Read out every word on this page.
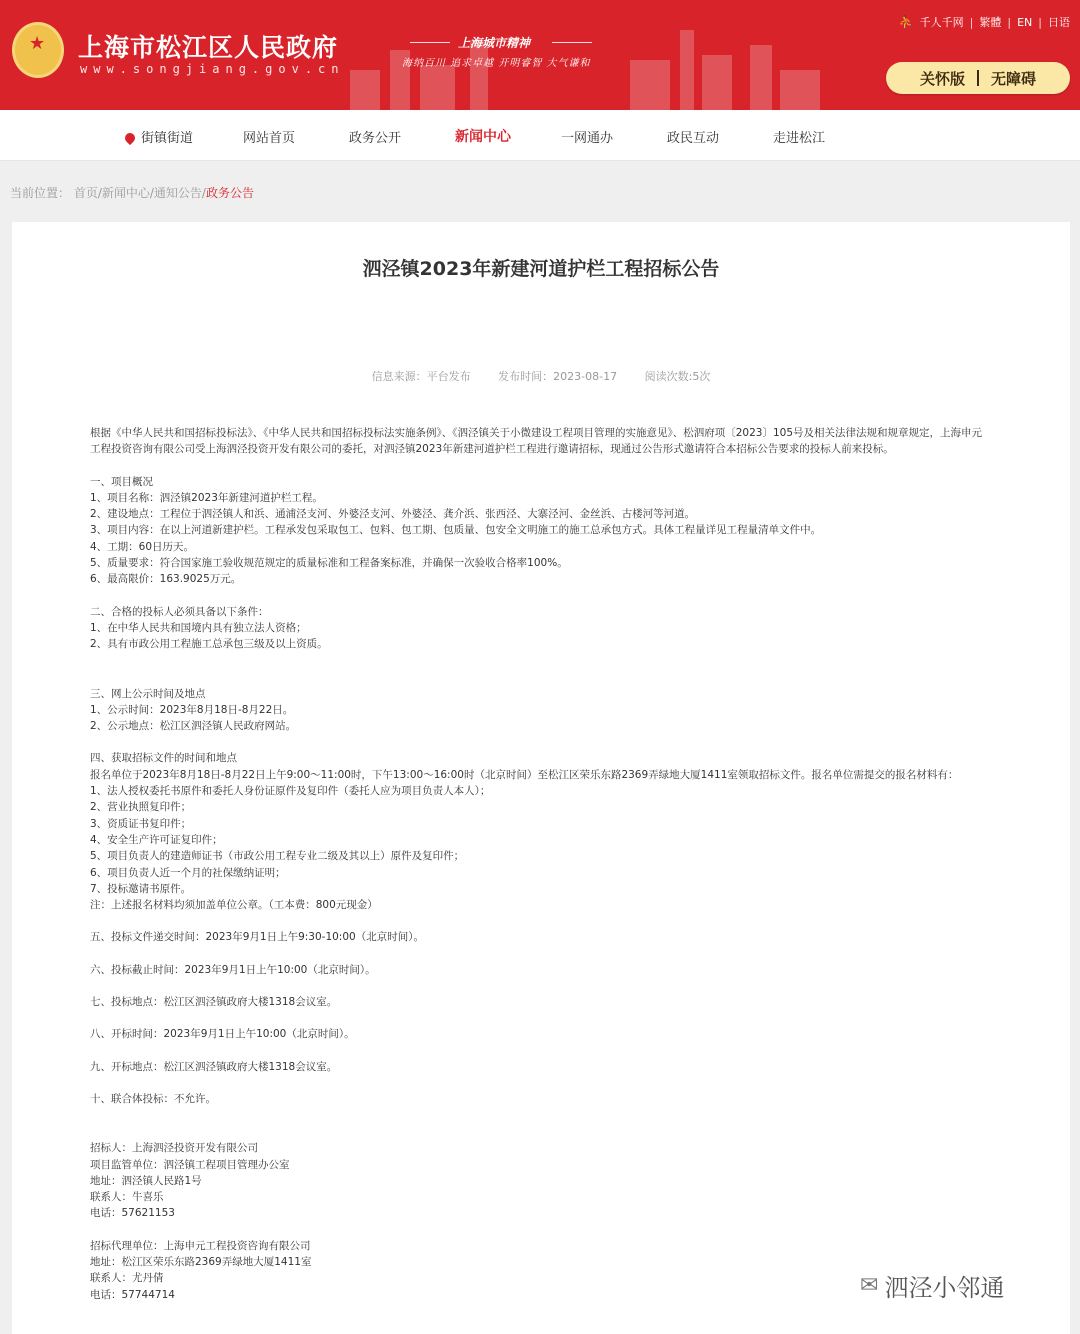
★ 上海市松江区人民政府
www.songjiang.gov.cn
上海城市精神
海纳百川 追求卓越 开明睿智 大气谦和
⛹ 千人千网 | 繁體 | EN | 日语
关怀版 无障碍
街镇街道	网站首页	政务公开	新闻中心	一网通办	政民互动	走进松江
当前位置： 首页/新闻中心/通知公告/政务公告
泗泾镇2023年新建河道护栏工程招标公告
信息来源：平台发布	发布时间：2023-08-17	阅读次数:5次

根据《中华人民共和国招标投标法》、《中华人民共和国招标投标法实施条例》、《泗泾镇关于小微建设工程项目管理的实施意见》、松泗府项〔2023〕105号及相关法律法规和规章规定，上海申元工程投资咨询有限公司受上海泗泾投资开发有限公司的委托，对泗泾镇2023年新建河道护栏工程进行邀请招标，现通过公告形式邀请符合本招标公告要求的投标人前来投标。

一、项目概况

1、项目名称：泗泾镇2023年新建河道护栏工程。

2、建设地点：工程位于泗泾镇人和浜、通浦泾支河、外婆泾支河、外婆泾、龚介浜、张西泾、大寨泾河、金丝浜、古楼河等河道。

3、项目内容：在以上河道新建护栏。工程承发包采取包工、包料、包工期、包质量、包安全文明施工的施工总承包方式。具体工程量详见工程量清单文件中。

4、工期：60日历天。

5、质量要求：符合国家施工验收规范规定的质量标准和工程备案标准，并确保一次验收合格率100%。

6、最高限价：163.9025万元。

二、合格的投标人必须具备以下条件：

1、在中华人民共和国境内具有独立法人资格；

2、具有市政公用工程施工总承包三级及以上资质。

三、网上公示时间及地点

1、公示时间：2023年8月18日-8月22日。

2、公示地点：松江区泗泾镇人民政府网站。

四、获取招标文件的时间和地点

报名单位于2023年8月18日-8月22日上午9:00～11:00时，下午13:00～16:00时（北京时间）至松江区荣乐东路2369弄绿地大厦1411室领取招标文件。报名单位需提交的报名材料有：

1、法人授权委托书原件和委托人身份证原件及复印件（委托人应为项目负责人本人）；

2、营业执照复印件；

3、资质证书复印件；

4、安全生产许可证复印件；

5、项目负责人的建造师证书（市政公用工程专业二级及其以上）原件及复印件；

6、项目负责人近一个月的社保缴纳证明；

7、投标邀请书原件。

注：上述报名材料均须加盖单位公章。（工本费：800元现金）

五、投标文件递交时间：2023年9月1日上午9:30-10:00（北京时间）。

六、投标截止时间：2023年9月1日上午10:00（北京时间）。

七、投标地点：松江区泗泾镇政府大楼1318会议室。

八、开标时间：2023年9月1日上午10:00（北京时间）。

九、开标地点：松江区泗泾镇政府大楼1318会议室。

十、联合体投标：不允许。

招标人：上海泗泾投资开发有限公司

项目监管单位：泗泾镇工程项目管理办公室

地址：泗泾镇人民路1号

联系人：牛喜乐

电话：57621153

招标代理单位：上海申元工程投资咨询有限公司

地址：松江区荣乐东路2369弄绿地大厦1411室

联系人：尤丹倩

电话：57744714	✉ 泗泾小邻通
